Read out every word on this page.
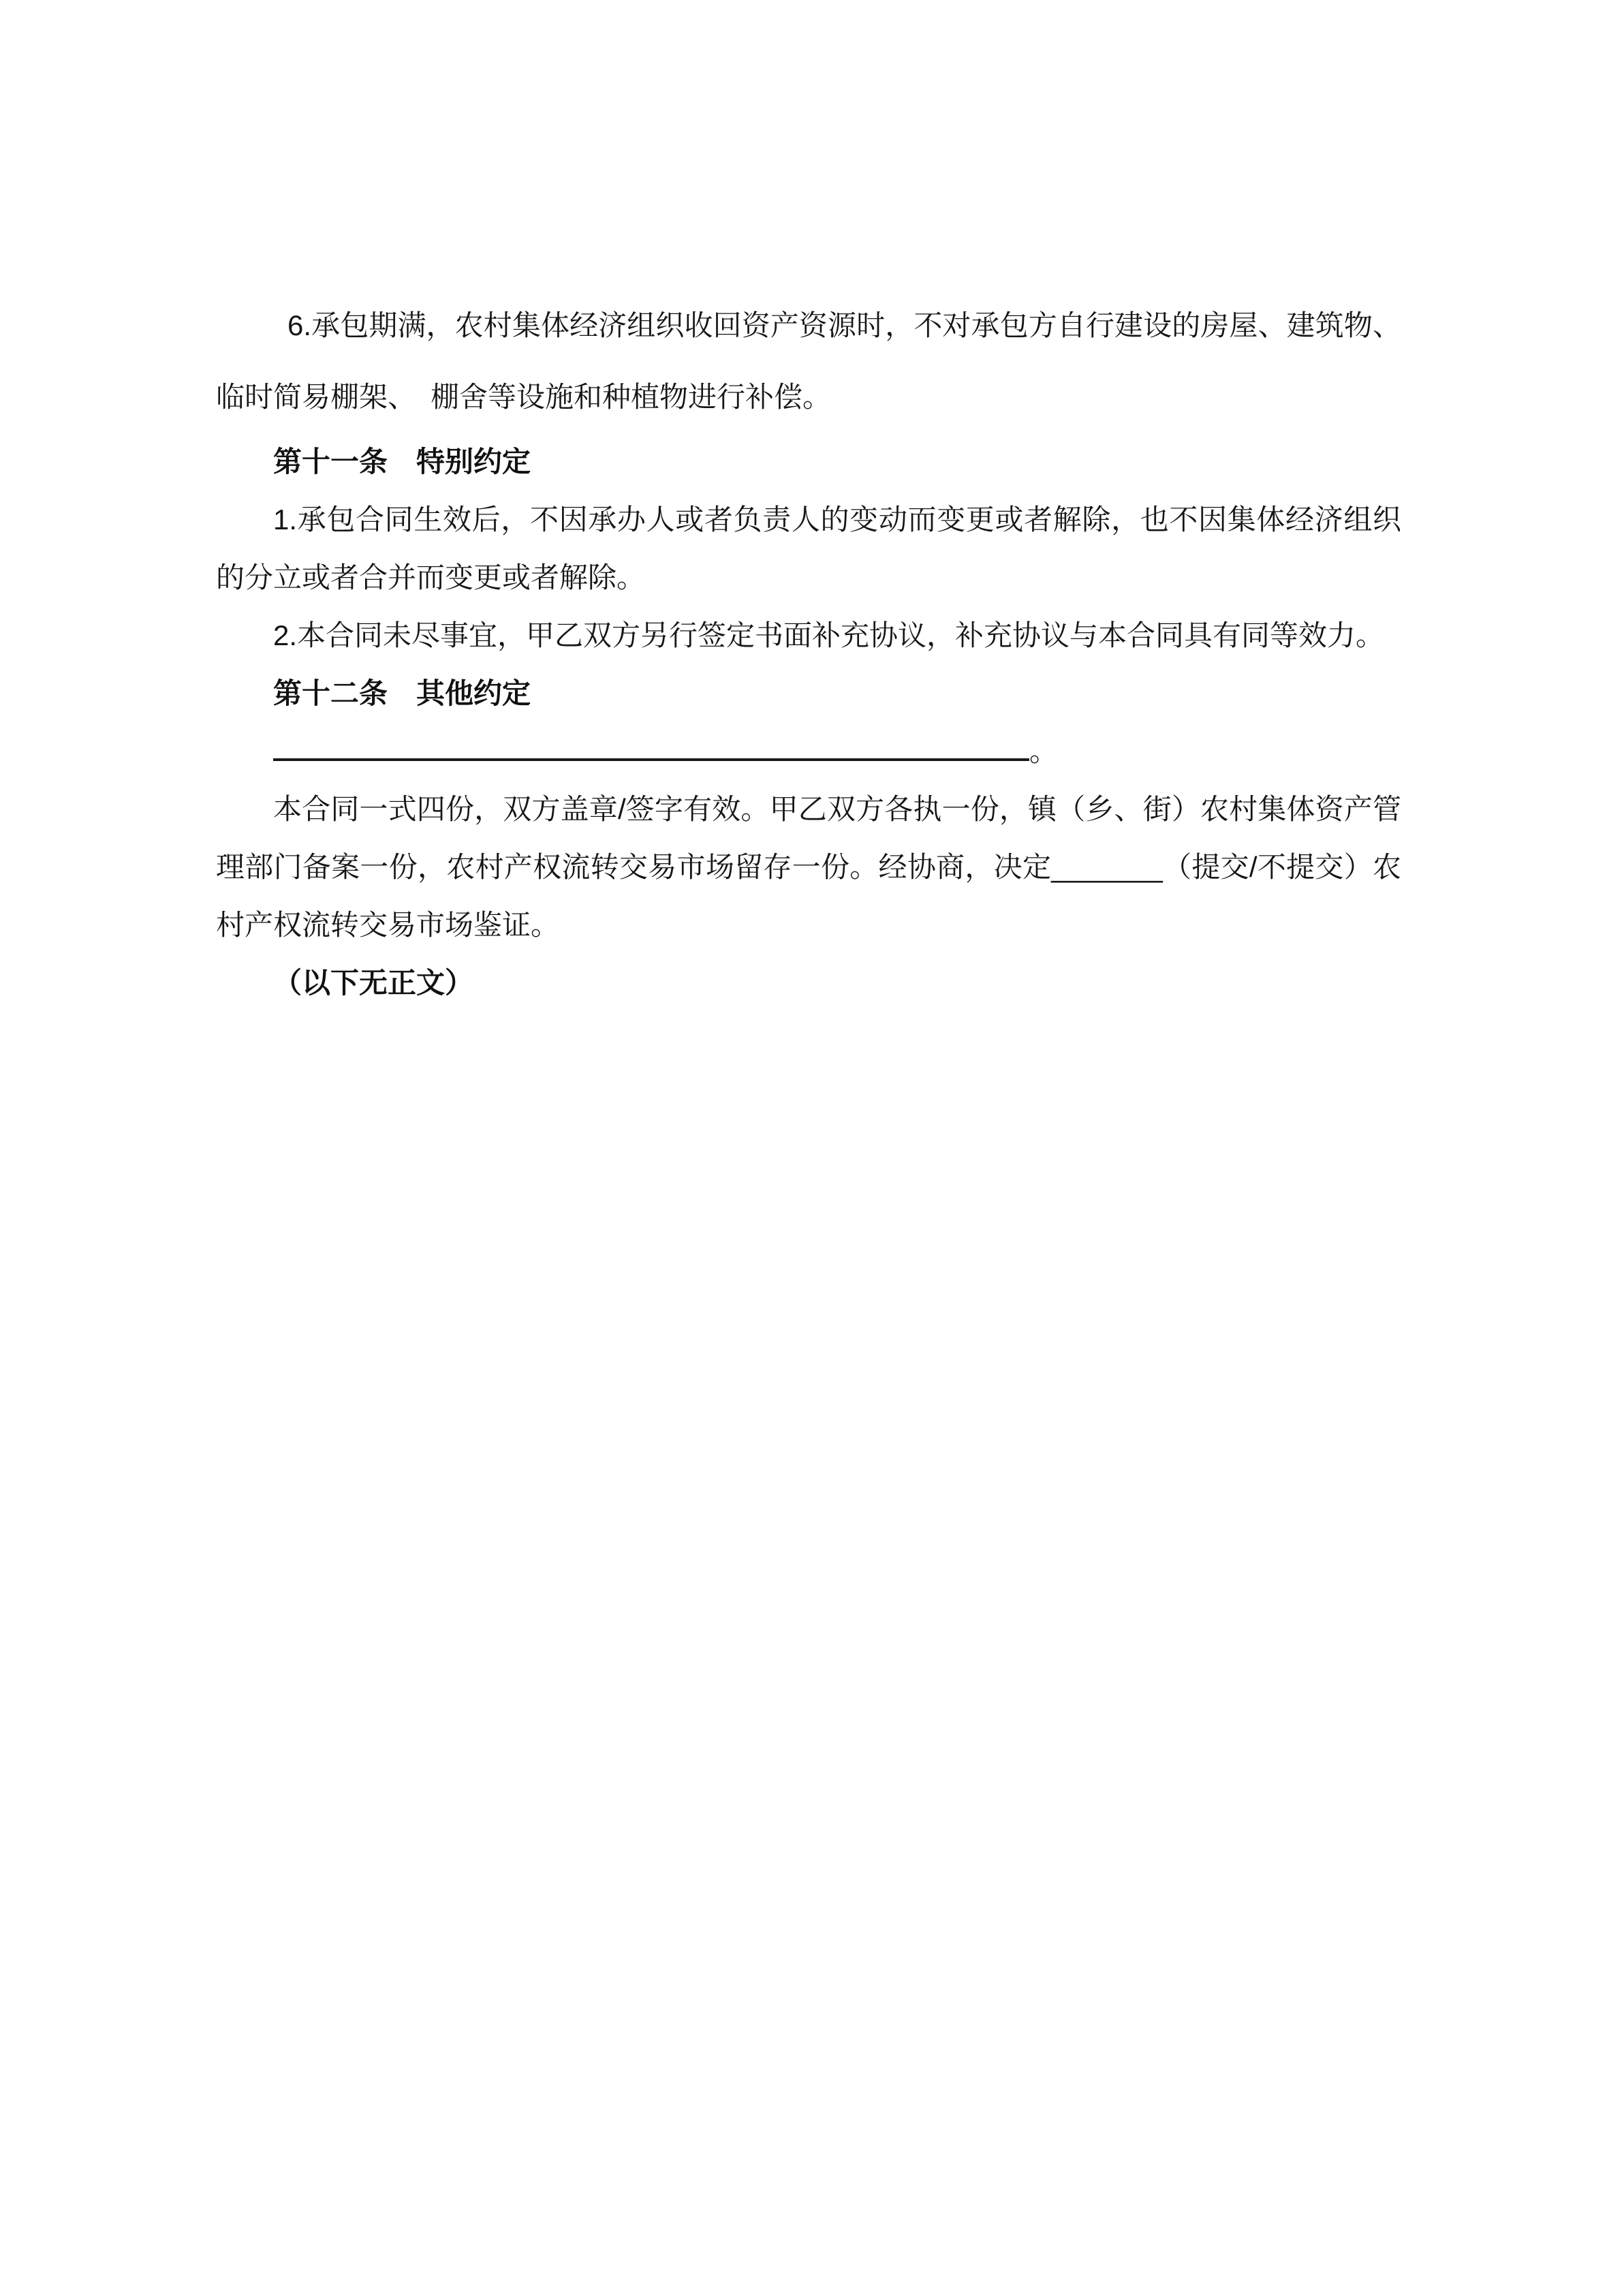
6.承包期满，农村集体经济组织收回资产资源时，不对承包方自行建设的房屋、建筑物、临时简易棚架、　棚舍等设施和种植物进行补偿。

第十一条　特别约定

1.承包合同生效后，不因承办人或者负责人的变动而变更或者解除，也不因集体经济组织的分立或者合并而变更或者解除。

2.本合同未尽事宜，甲乙双方另行签定书面补充协议，补充协议与本合同具有同等效力。

第十二条　其他约定

。

本合同一式四份，双方盖章/签字有效。甲乙双方各执一份，镇（乡、街）农村集体资产管理部门备案一份，农村产权流转交易市场留存一份。经协商，决定_______（提交/不提交）农村产权流转交易市场鉴证。

（以下无正文）
